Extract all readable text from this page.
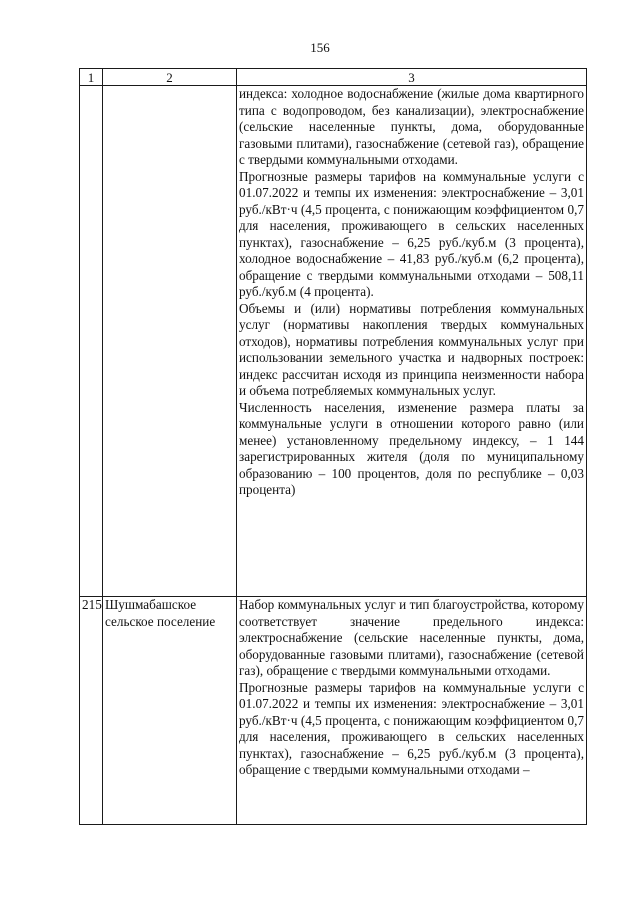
156
1	2	3

		индекса: холодное водоснабжение (жилые дома квартирного типа с водопроводом, без канализации), электроснабжение (сельские населенные пункты, дома, оборудованные газовыми плитами), газоснабжение (сетевой газ), обращение с твердыми коммунальными отходами.

Прогнозные размеры тарифов на коммунальные услуги с 01.07.2022 и темпы их изменения: электроснабжение – 3,01 руб./кВт·ч (4,5 процента, с понижающим коэффициентом 0,7 для населения, проживающего в сельских населенных пунктах), газоснабжение – 6,25 руб./куб.м (3 процента), холодное водоснабжение – 41,83 руб./куб.м (6,2 процента), обращение с твердыми коммунальными отходами – 508,11 руб./куб.м (4 процента).

Объемы и (или) нормативы потребления коммунальных услуг (нормативы накопления твердых коммунальных отходов), нормативы потребления коммунальных услуг при использовании земельного участка и надворных построек: индекс рассчитан исходя из принципа неизменности набора и объема потребляемых коммунальных услуг.

Численность населения, изменение размера платы за коммунальные услуги в отношении которого равно (или менее) установленному предельному индексу, – 1 144 зарегистрированных жителя (доля по муниципальному образованию – 100 процентов, доля по республике – 0,03 процента)

215	Шушмабашское сельское поселение	Набор коммунальных услуг и тип благоустройства, которому соответствует значение предельного индекса: электроснабжение (сельские населенные пункты, дома, оборудованные газовыми плитами), газоснабжение (сетевой газ), обращение с твердыми коммунальными отходами.

Прогнозные размеры тарифов на коммунальные услуги с 01.07.2022 и темпы их изменения: электроснабжение – 3,01 руб./кВт·ч (4,5 процента, с понижающим коэффициентом 0,7 для населения, проживающего в сельских населенных пунктах), газоснабжение – 6,25 руб./куб.м (3 процента), обращение с твердыми коммунальными отходами –
